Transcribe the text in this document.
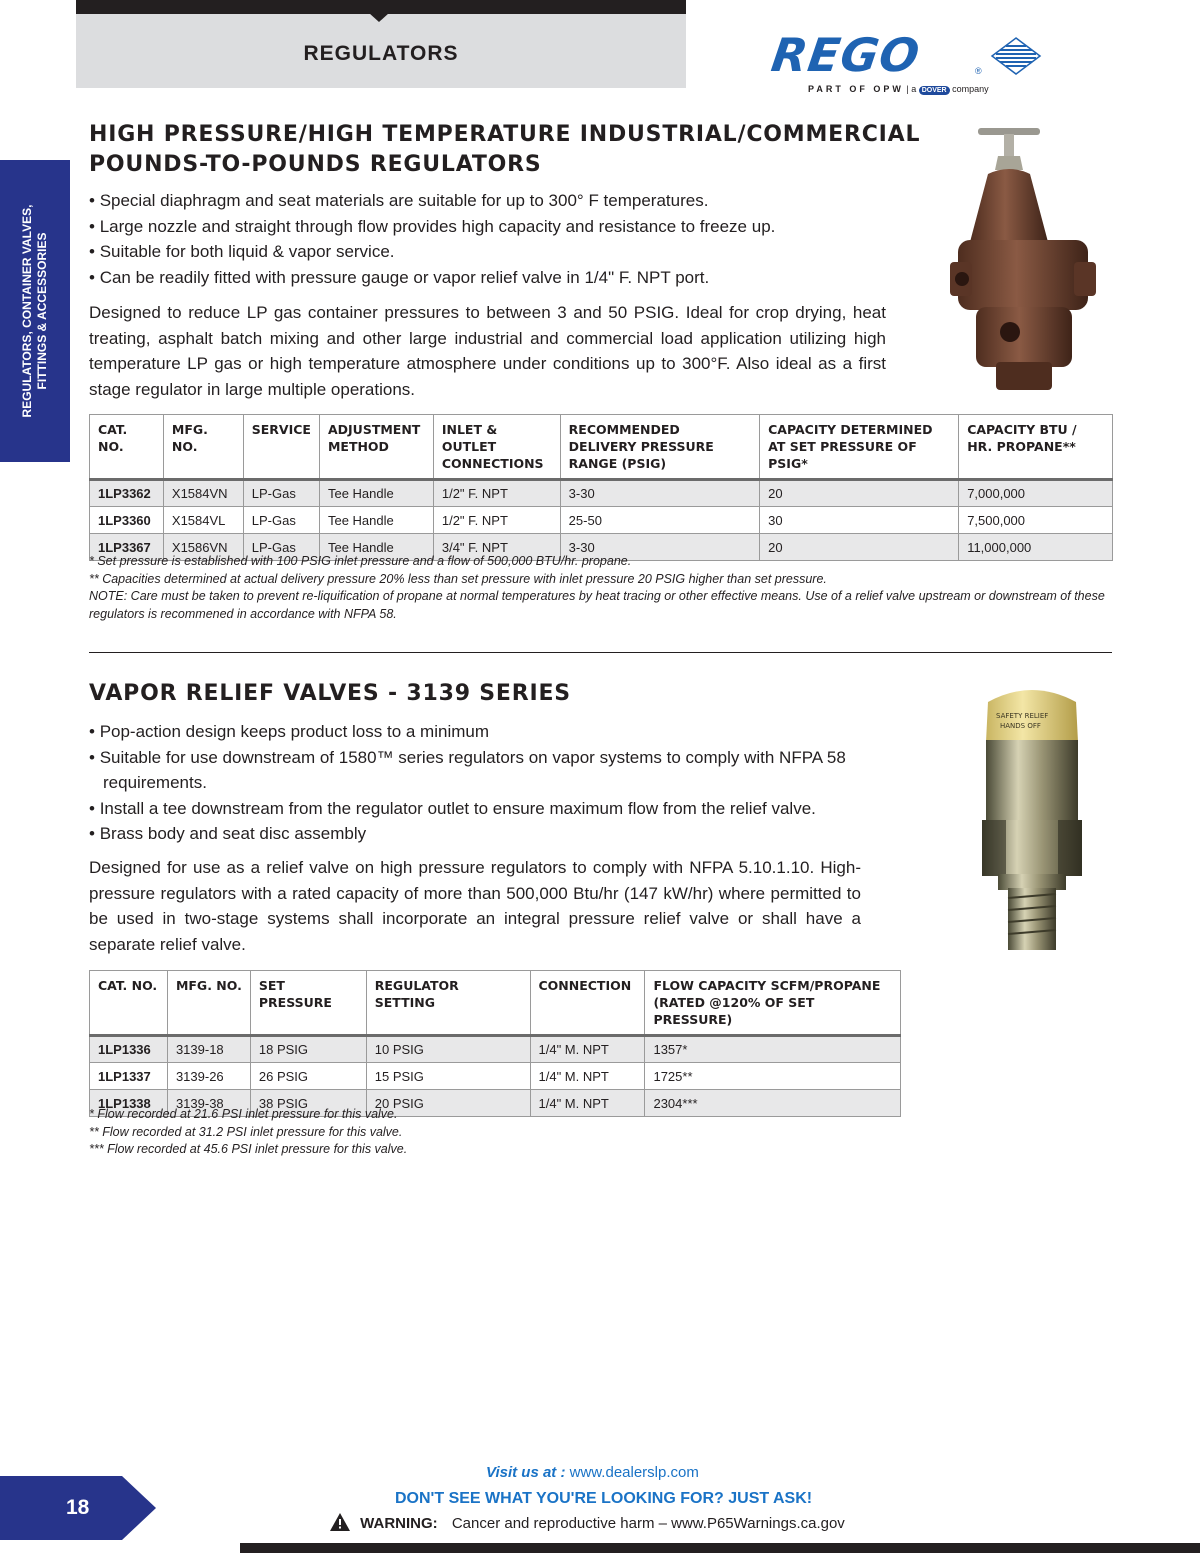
REGULATORS	REGO	®
PART OF OPW | a DOVER company
REGULATORS, CONTAINER VALVES, FITTINGS & ACCESSORIES
HIGH PRESSURE/HIGH TEMPERATURE INDUSTRIAL/COMMERCIAL
POUNDS-TO-POUNDS REGULATORS
• Special diaphragm and seat materials are suitable for up to 300° F temperatures.
• Large nozzle and straight through flow provides high capacity and resistance to freeze up.
• Suitable for both liquid & vapor service.
• Can be readily fitted with pressure gauge or vapor relief valve in 1/4" F. NPT port.

Designed to reduce LP gas container pressures to between 3 and 50 PSIG. Ideal for crop drying, heat treating, asphalt batch mixing and other large industrial and commercial load application utilizing high temperature LP gas or high temperature atmosphere under conditions up to 300°F. Also ideal as a first stage regulator in large multiple operations.

CAT. NO.	MFG. NO.	SERVICE	ADJUSTMENT METHOD	INLET & OUTLET CONNECTIONS	RECOMMENDED DELIVERY PRESSURE RANGE (PSIG)	CAPACITY DETERMINED AT SET PRESSURE OF PSIG*	CAPACITY BTU / HR. PROPANE**
1LP3362	X1584VN	LP-Gas	Tee Handle	1/2" F. NPT	3-30	20	7,000,000
1LP3360	X1584VL	LP-Gas	Tee Handle	1/2" F. NPT	25-50	30	7,500,000
1LP3367	X1586VN	LP-Gas	Tee Handle	3/4" F. NPT	3-30	20	11,000,000
* Set pressure is established with 100 PSIG inlet pressure and a flow of 500,000 BTU/hr. propane.
** Capacities determined at actual delivery pressure 20% less than set pressure with inlet pressure 20 PSIG higher than set pressure.
NOTE: Care must be taken to prevent re-liquification of propane at normal temperatures by heat tracing or other effective means. Use of a relief valve upstream or downstream of these regulators is recommened in accordance with NFPA 58.
VAPOR RELIEF VALVES - 3139 SERIES
• Pop-action design keeps product loss to a minimum
• Suitable for use downstream of 1580™ series regulators on vapor systems to comply with NFPA 58 requirements.
• Install a tee downstream from the regulator outlet to ensure maximum flow from the relief valve.
• Brass body and seat disc assembly

Designed for use as a relief valve on high pressure regulators to comply with NFPA 5.10.1.10. High-pressure regulators with a rated capacity of more than 500,000 Btu/hr (147 kW/hr) where permitted to be used in two-stage systems shall incorporate an integral pressure relief valve or shall have a separate relief valve.

SAFETY RELIEF
HANDS OFF
CAT. NO.	MFG. NO.	SET PRESSURE	REGULATOR SETTING	CONNECTION	FLOW CAPACITY SCFM/PROPANE (RATED @120% OF SET PRESSURE)
1LP1336	3139-18	18 PSIG	10 PSIG	1/4" M. NPT	1357*
1LP1337	3139-26	26 PSIG	15 PSIG	1/4" M. NPT	1725**
1LP1338	3139-38	38 PSIG	20 PSIG	1/4" M. NPT	2304***
* Flow recorded at 21.6 PSI inlet pressure for this valve.
** Flow recorded at 31.2 PSI inlet pressure for this valve.
*** Flow recorded at 45.6 PSI inlet pressure for this valve.
18
Visit us at : www.dealerslp.com
DON'T SEE WHAT YOU'RE LOOKING FOR? JUST ASK!
WARNING: Cancer and reproductive harm – www.P65Warnings.ca.gov
